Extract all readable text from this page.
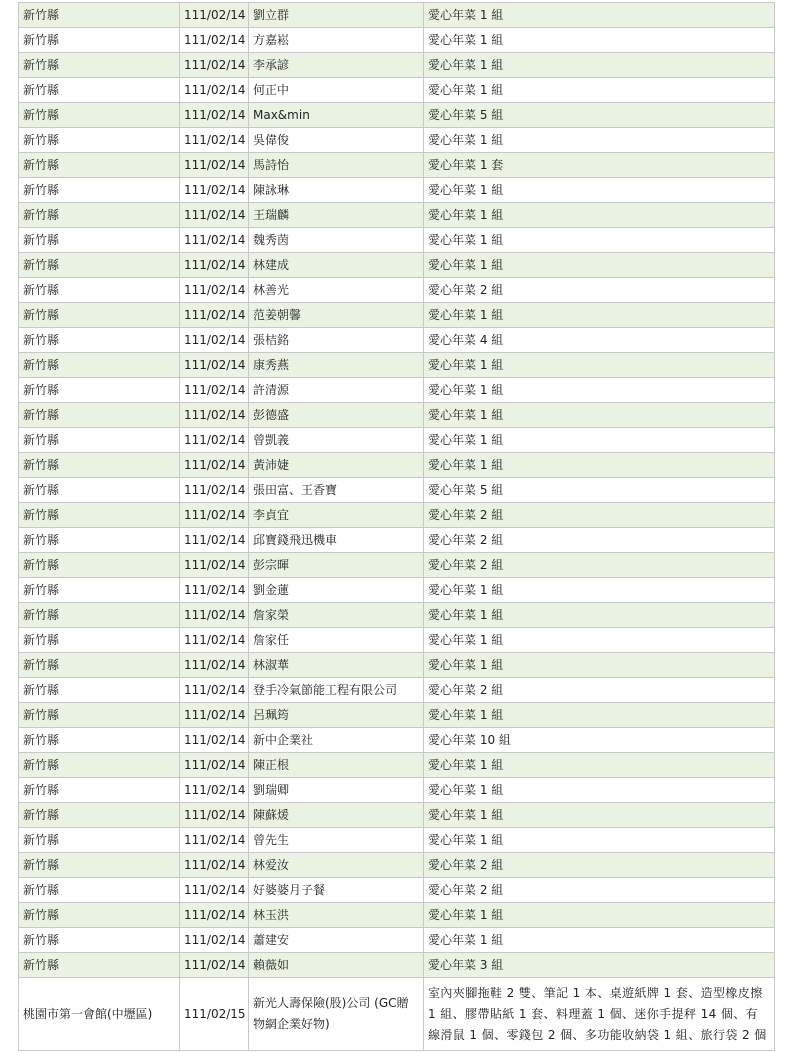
新竹縣	111/02/14	劉立群	愛心年菜 1 組
新竹縣	111/02/14	方嘉崧	愛心年菜 1 組
新竹縣	111/02/14	李承諺	愛心年菜 1 組
新竹縣	111/02/14	何正中	愛心年菜 1 組
新竹縣	111/02/14	Max&min	愛心年菜 5 組
新竹縣	111/02/14	吳偉俊	愛心年菜 1 組
新竹縣	111/02/14	馬詩怡	愛心年菜 1 套
新竹縣	111/02/14	陳詠琳	愛心年菜 1 組
新竹縣	111/02/14	王瑞麟	愛心年菜 1 組
新竹縣	111/02/14	魏秀茵	愛心年菜 1 組
新竹縣	111/02/14	林建成	愛心年菜 1 組
新竹縣	111/02/14	林善光	愛心年菜 2 組
新竹縣	111/02/14	范姜朝馨	愛心年菜 1 組
新竹縣	111/02/14	張桔銘	愛心年菜 4 組
新竹縣	111/02/14	康秀燕	愛心年菜 1 組
新竹縣	111/02/14	許清源	愛心年菜 1 組
新竹縣	111/02/14	彭德盛	愛心年菜 1 組
新竹縣	111/02/14	曾凱義	愛心年菜 1 組
新竹縣	111/02/14	黃沛婕	愛心年菜 1 組
新竹縣	111/02/14	張田富、王香寶	愛心年菜 5 組
新竹縣	111/02/14	李貞宜	愛心年菜 2 組
新竹縣	111/02/14	邱寶錢飛迅機車	愛心年菜 2 組
新竹縣	111/02/14	彭宗暉	愛心年菜 2 組
新竹縣	111/02/14	劉金蓮	愛心年菜 1 組
新竹縣	111/02/14	詹家榮	愛心年菜 1 組
新竹縣	111/02/14	詹家任	愛心年菜 1 組
新竹縣	111/02/14	林淑華	愛心年菜 1 組
新竹縣	111/02/14	登手冷氣節能工程有限公司	愛心年菜 2 組
新竹縣	111/02/14	呂珮筠	愛心年菜 1 組
新竹縣	111/02/14	新中企業社	愛心年菜 10 組
新竹縣	111/02/14	陳正根	愛心年菜 1 組
新竹縣	111/02/14	劉瑞卿	愛心年菜 1 組
新竹縣	111/02/14	陳蘇煖	愛心年菜 1 組
新竹縣	111/02/14	曾先生	愛心年菜 1 組
新竹縣	111/02/14	林爱汝	愛心年菜 2 組
新竹縣	111/02/14	好婆婆月子餐	愛心年菜 2 組
新竹縣	111/02/14	林玉洪	愛心年菜 1 組
新竹縣	111/02/14	蕭建安	愛心年菜 1 組
新竹縣	111/02/14	賴薇如	愛心年菜 3 組
桃園市第一會館(中壢區)	111/02/15	新光人壽保險(股)公司 (GC贈物網企業好物)	室內夾腳拖鞋 2 雙、筆記 1 本、桌遊紙牌 1 套、造型橡皮擦 1 組、膠帶貼紙 1 套、料理蓋 1 個、迷你手提秤 14 個、有線滑鼠 1 個、零錢包 2 個、多功能收納袋 1 組、旅行袋 2 個
